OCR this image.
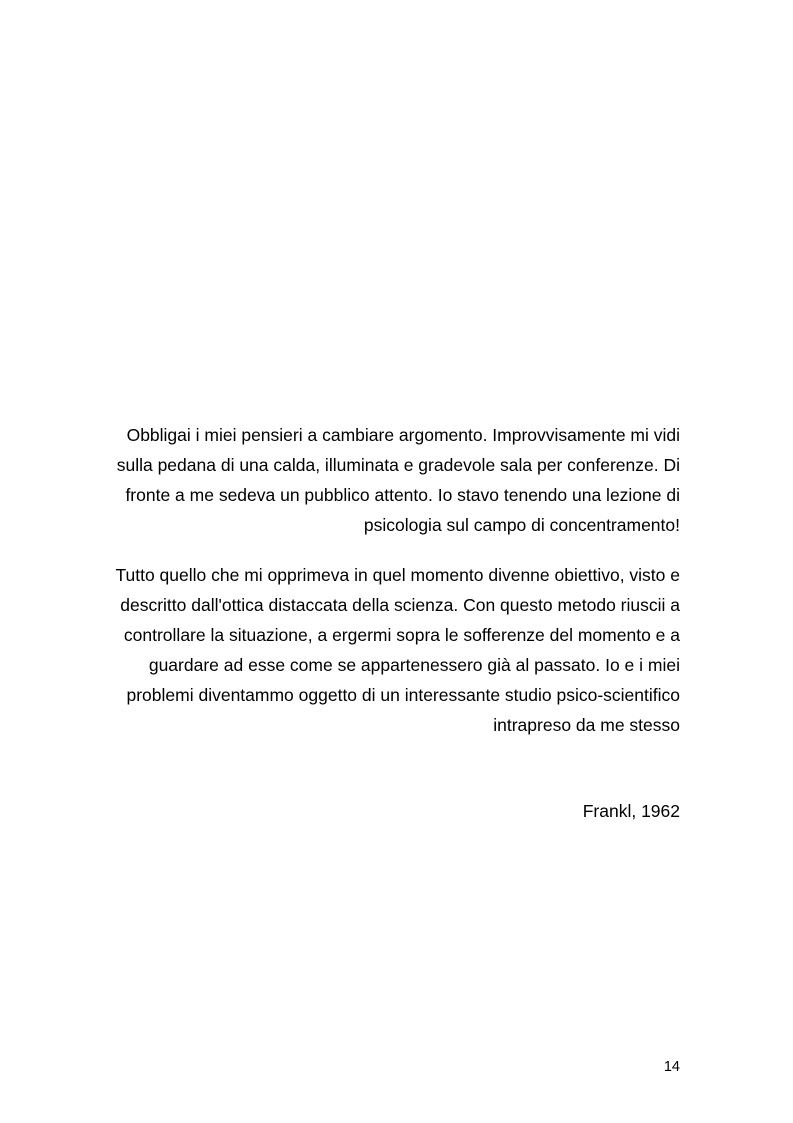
Obbligai i miei pensieri a cambiare argomento. Improvvisamente mi vidi
sulla pedana di una calda, illuminata e gradevole sala per conferenze. Di
fronte a me sedeva un pubblico attento. Io stavo tenendo una lezione di
psicologia sul campo di concentramento!
Tutto quello che mi opprimeva in quel momento divenne obiettivo, visto e
descritto dall'ottica distaccata della scienza. Con questo metodo riuscii a
controllare la situazione, a ergermi sopra le sofferenze del momento e a
guardare ad esse come se appartenessero già al passato. Io e i miei
problemi diventammo oggetto di un interessante studio psico-scientifico
intrapreso da me stesso
Frankl, 1962
14
